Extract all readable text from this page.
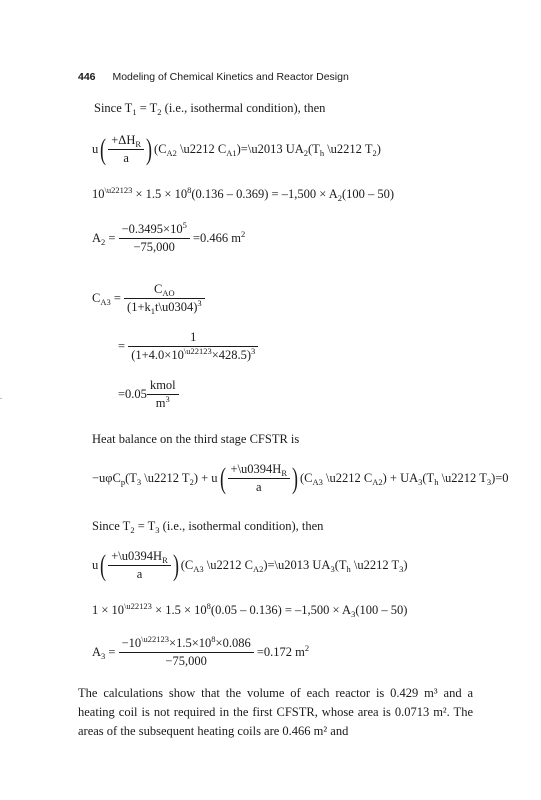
446 Modeling of Chemical Kinetics and Reactor Design
Since $T_1 = T_2$ (i.e., isothermal condition), then
$u( \frac{+\Delta H_R}{a}$ ) ($C_{A2}$ \u2212 $C_{A1})=\backslash u2013$ $UA_2(T_h$ \u2212 $T_2$)
$10^{\backslash u22123} \times 1.5 \times 10^8(0.136 - 0.369) = -1,500 \times A_2(100 - 50)$
$A_2 = \frac{-0.3495\times 10^5}{-75,000} =0.466$ $m^2$
$C_{A3} = \frac{C_{AO}}{(1+k_1t\backslash u0304)^3}$
= $\frac{1}{(1+4.0\times 10^{\backslash u22123}\times 428.5)^3}$
$=0.05 \frac{\text{kmol}}{m^3}$
Heat balance on the third stage CFSTR is
$-u\varphi C_p(T_3$ \u2212 $T_2) + u( \frac{+\backslash u0394H_R}{a}$ ) ($C_{A3}$ \u2212 $C_{A2}) + UA_3(T_h$ \u2212 $T_3)=0$
Since $T_2 = T_3$ (i.e., isothermal condition), then
$u( \frac{+\backslash u0394H_R}{a}$ ) ($C_{A3}$ \u2212 $C_{A2})=\backslash u2013$ $UA_3(T_h$ \u2212 $T_3$)
$1 \times 10^{\backslash u22123} \times 1.5 \times 10^8(0.05 - 0.136) = -1,500 \times A_3(100 - 50)$
$A_3 = \frac{-10^{\backslash u22123}\times 1.5\times 10^8\times 0.086}{-75,000} =0.172$ $m^2$
The calculations show that the volume of each reactor is 0.429 m³ and a heating coil is not required in the first CFSTR, whose area is 0.0713 m². The areas of the subsequent heating coils are 0.466 m² and
